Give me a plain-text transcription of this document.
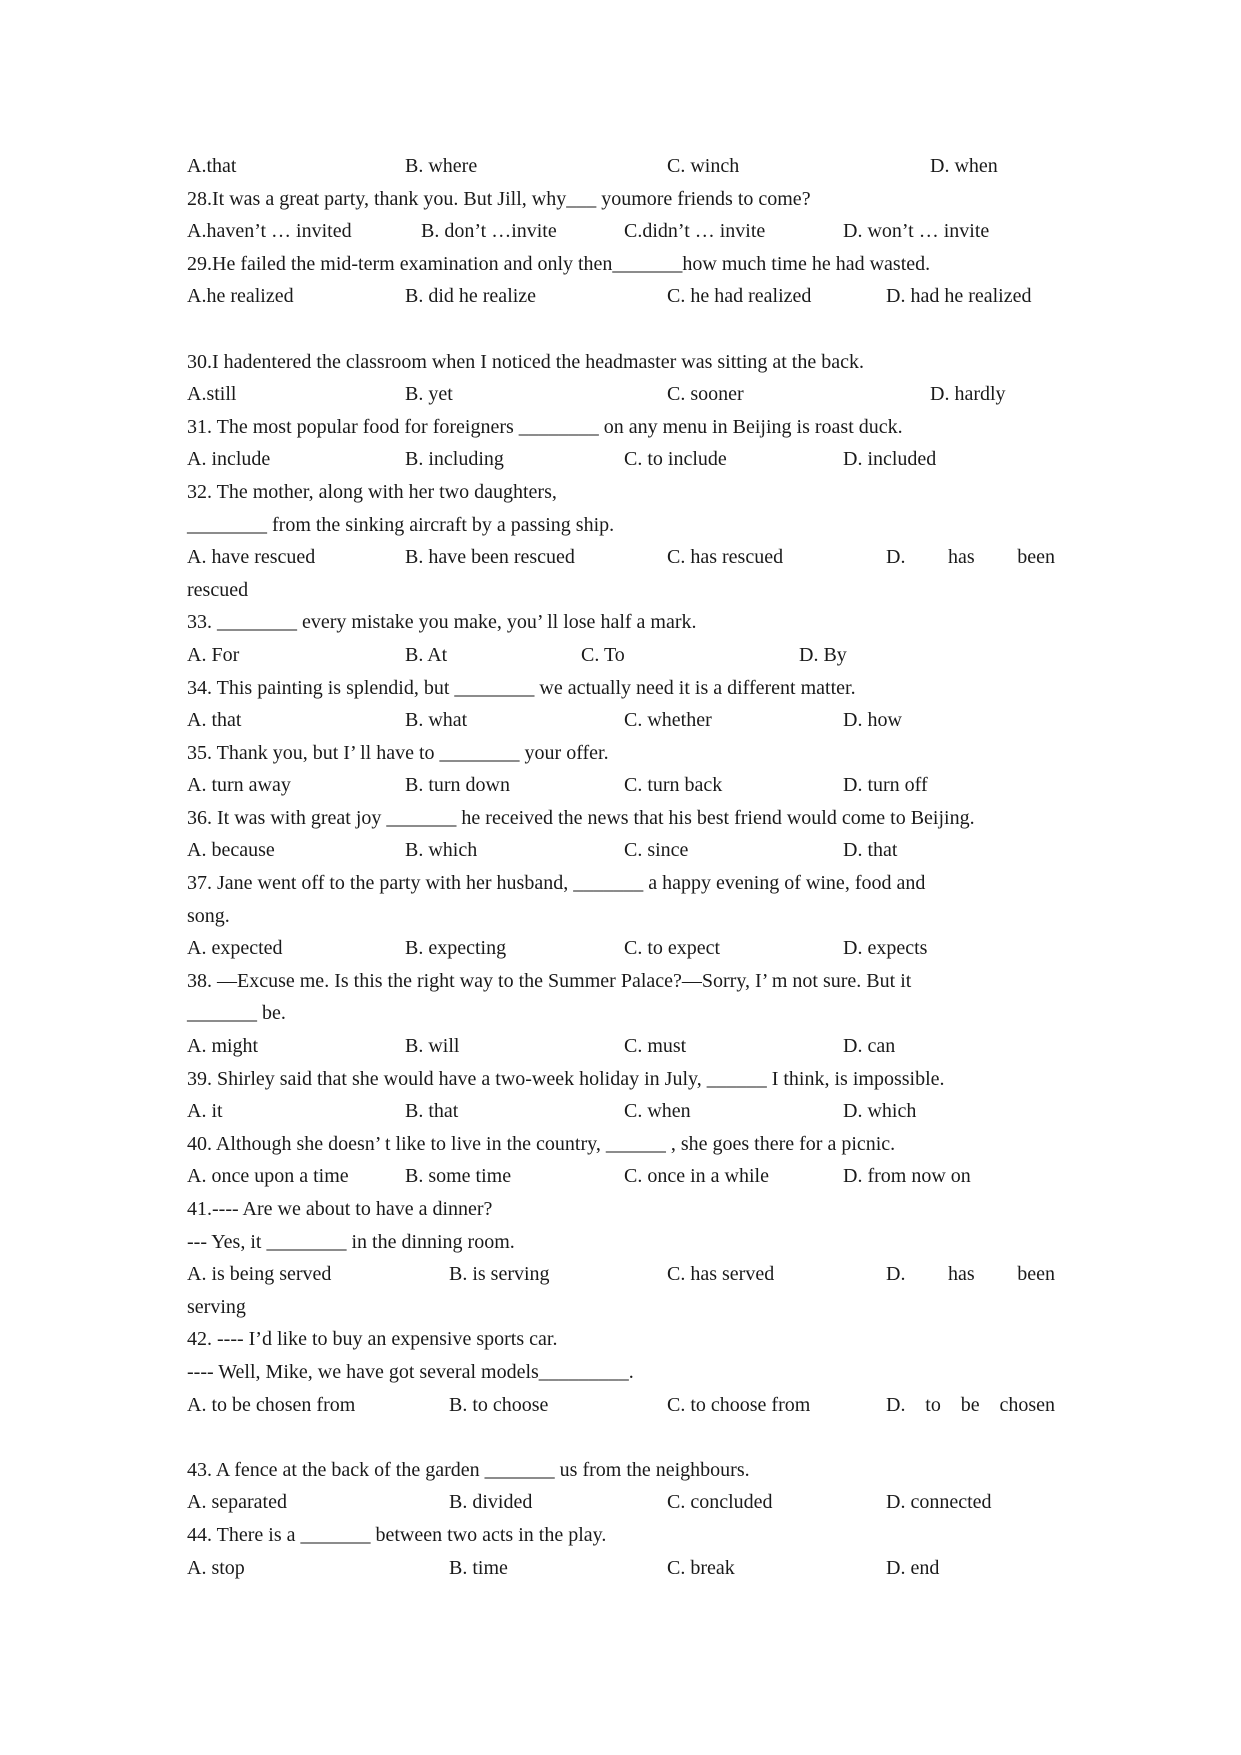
A.that	B. where	C. winch	D. when
28.It was a great party, thank you. But Jill, why___ youmore friends to come?
A.haven’t … invited	B. don’t …invite	C.didn’t … invite	D. won’t … invite
29.He failed the mid-term examination and only then_______how much time he had wasted.
A.he realized	B. did he realize	C. he had realized	D. had he realized
30.I hadentered the classroom when I noticed the headmaster was sitting at the back.
A.still	B. yet	C. sooner	D. hardly
31. The most popular food for foreigners ________ on any menu in Beijing is roast duck.
A. include	B. including	C. to include	D. included
32. The mother, along with her two daughters,
________ from the sinking aircraft by a passing ship.
A. have rescued	B. have been rescued	C. has rescued	D. has been
rescued
33. ________ every mistake you make, you’ ll lose half a mark.
A. For	B. At	C. To	D. By
34. This painting is splendid, but ________ we actually need it is a different matter.
A. that	B. what	C. whether	D. how
35. Thank you, but I’ ll have to ________ your offer.
A. turn away	B. turn down	C. turn back	D. turn off
36. It was with great joy _______ he received the news that his best friend would come to Beijing.
A. because	B. which	C. since	D. that
37. Jane went off to the party with her husband, _______ a happy evening of wine, food and
song.
A. expected	B. expecting	C. to expect	D. expects
38. —Excuse me. Is this the right way to the Summer Palace?—Sorry, I’ m not sure. But it
_______ be.
A. might	B. will	C. must	D. can
39. Shirley said that she would have a two-week holiday in July, ______ I think, is impossible.
A. it	B. that	C. when	D. which
40. Although she doesn’ t like to live in the country, ______ , she goes there for a picnic.
A. once upon a time	B. some time	C. once in a while	D. from now on
41.---- Are we about to have a dinner?
--- Yes, it ________ in the dinning room.
A. is being served	B. is serving	C. has served	D. has been
serving
42. ---- I’d like to buy an expensive sports car.
---- Well, Mike, we have got several models_________.
A. to be chosen from	B. to choose	C. to choose from	D. to be chosen
43. A fence at the back of the garden _______ us from the neighbours.
A. separated	B. divided	C. concluded	D. connected
44. There is a _______ between two acts in the play.
A. stop	B. time	C. break	D. end
